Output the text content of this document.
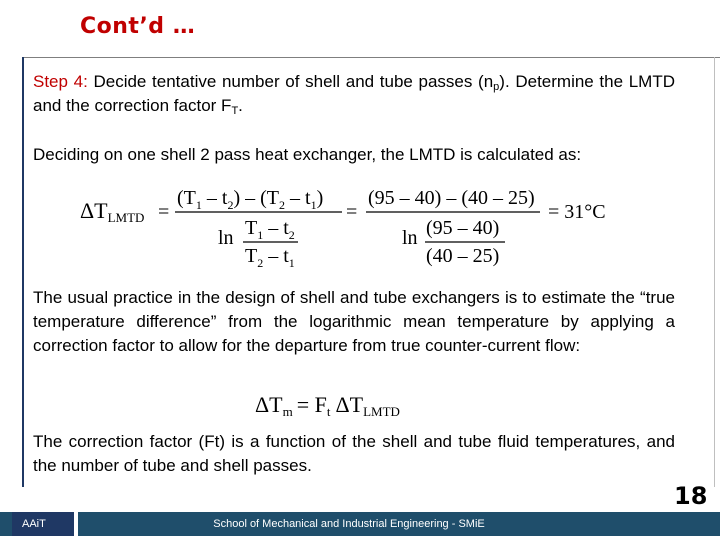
Cont’d …
Step 4: Decide tentative number of shell and tube passes $(n_p)$. Determine the LMTD and the correction factor $F_T$.
Deciding on one shell 2 pass heat exchanger, the LMTD is calculated as:
ΔTLMTD =
$(T_1 - t_2) - (T_2 - t_1)$
$\ln T_1 - t_2$
$T_2 - t_1$
=
(95 – 40) – (40 – 25)
ln (95 – 40)
(40 – 25)
= 31°C
The usual practice in the design of shell and tube exchangers is to estimate the “true temperature difference” from the logarithmic mean temperature by applying a correction factor to allow for the departure from true counter-current flow:
ΔTm = Ft ΔTLMTD
The correction factor (Ft) is a function of the shell and tube fluid temperatures, and the number of tube and shell passes.
18
AAiT	School of Mechanical and Industrial Engineering - SMiE
